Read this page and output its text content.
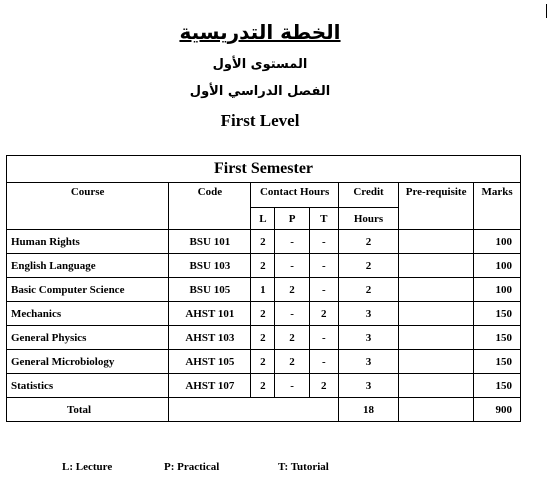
الخطة التدريسية
المستوى الأول
الفصل الدراسي الأول
First Level
First Semester							
Course	Code	Contact Hours			Credit	Pre-requisite	Marks
		L	P	T	Hours		
Human Rights	BSU 101	2	-	-	2		100
English Language	BSU 103	2	-	-	2		100
Basic Computer Science	BSU 105	1	2	-	2		100
Mechanics	AHST 101	2	-	2	3		150
General Physics	AHST 103	2	2	-	3		150
General Microbiology	AHST 105	2	2	-	3		150
Statistics	AHST 107	2	-	2	3		150
Total					18		900
L: Lecture	P: Practical	T: Tutorial
